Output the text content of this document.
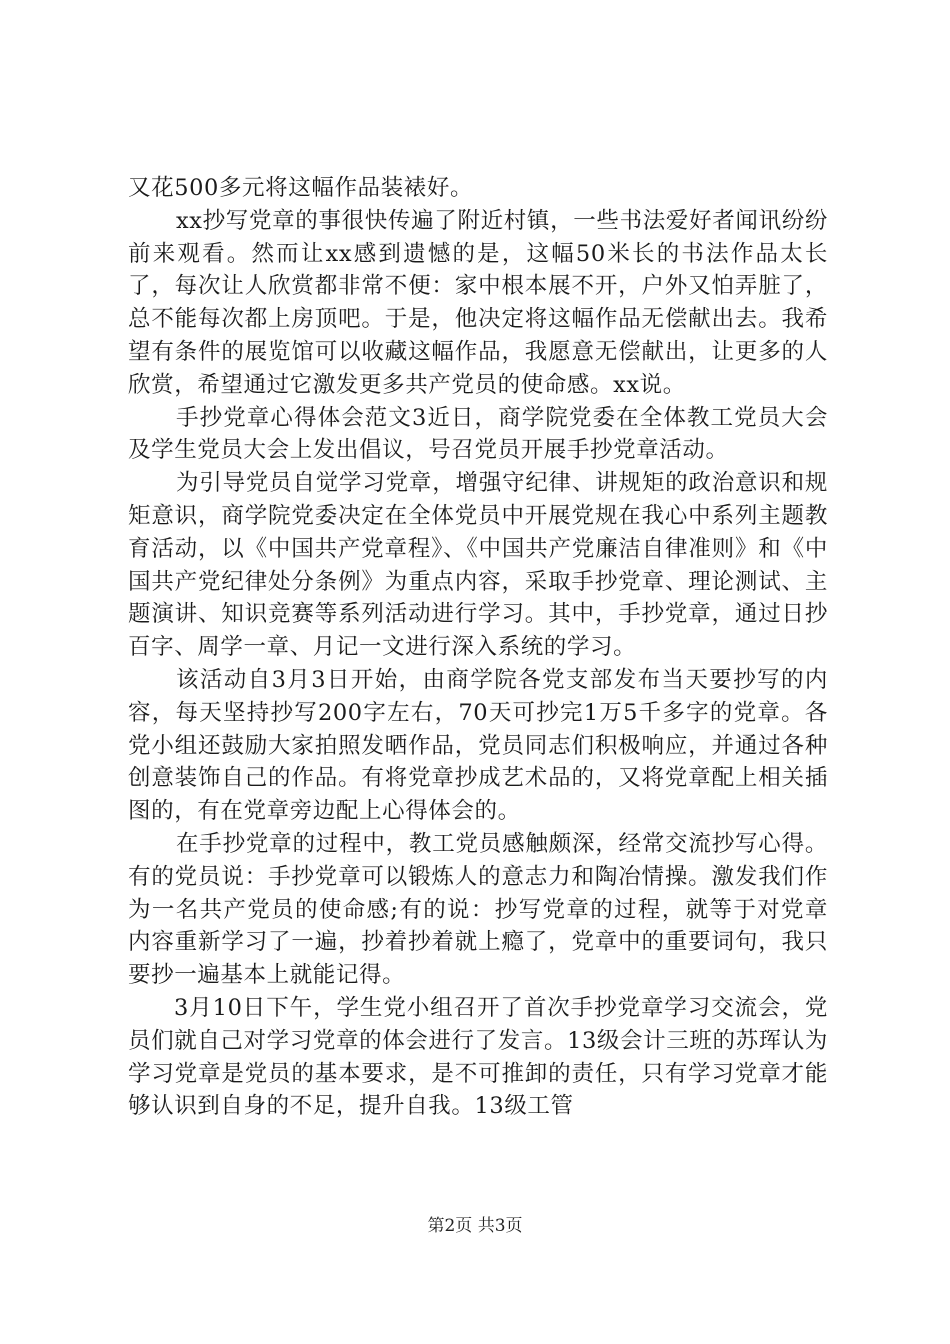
又花500多元将这幅作品装裱好。

xx抄写党章的事很快传遍了附近村镇，一些书法爱好者闻讯纷纷前来观看。然而让xx感到遗憾的是，这幅50米长的书法作品太长了，每次让人欣赏都非常不便：家中根本展不开，户外又怕弄脏了，总不能每次都上房顶吧。于是，他决定将这幅作品无偿献出去。我希望有条件的展览馆可以收藏这幅作品，我愿意无偿献出，让更多的人欣赏，希望通过它激发更多共产党员的使命感。xx说。

手抄党章心得体会范文3近日，商学院党委在全体教工党员大会及学生党员大会上发出倡议，号召党员开展手抄党章活动。

为引导党员自觉学习党章，增强守纪律、讲规矩的政治意识和规矩意识，商学院党委决定在全体党员中开展党规在我心中系列主题教育活动，以《中国共产党章程》、《中国共产党廉洁自律准则》和《中国共产党纪律处分条例》为重点内容，采取手抄党章、理论测试、主题演讲、知识竞赛等系列活动进行学习。其中，手抄党章，通过日抄百字、周学一章、月记一文进行深入系统的学习。

该活动自3月3日开始，由商学院各党支部发布当天要抄写的内容，每天坚持抄写200字左右，70天可抄完1万5千多字的党章。各党小组还鼓励大家拍照发晒作品，党员同志们积极响应，并通过各种创意装饰自己的作品。有将党章抄成艺术品的，又将党章配上相关插图的，有在党章旁边配上心得体会的。

在手抄党章的过程中，教工党员感触颇深，经常交流抄写心得。有的党员说：手抄党章可以锻炼人的意志力和陶冶情操。激发我们作为一名共产党员的使命感;有的说：抄写党章的过程，就等于对党章内容重新学习了一遍，抄着抄着就上瘾了，党章中的重要词句，我只要抄一遍基本上就能记得。

3月10日下午，学生党小组召开了首次手抄党章学习交流会，党员们就自己对学习党章的体会进行了发言。13级会计三班的苏珲认为学习党章是党员的基本要求，是不可推卸的责任，只有学习党章才能够认识到自身的不足，提升自我。13级工管

第2页 共3页
